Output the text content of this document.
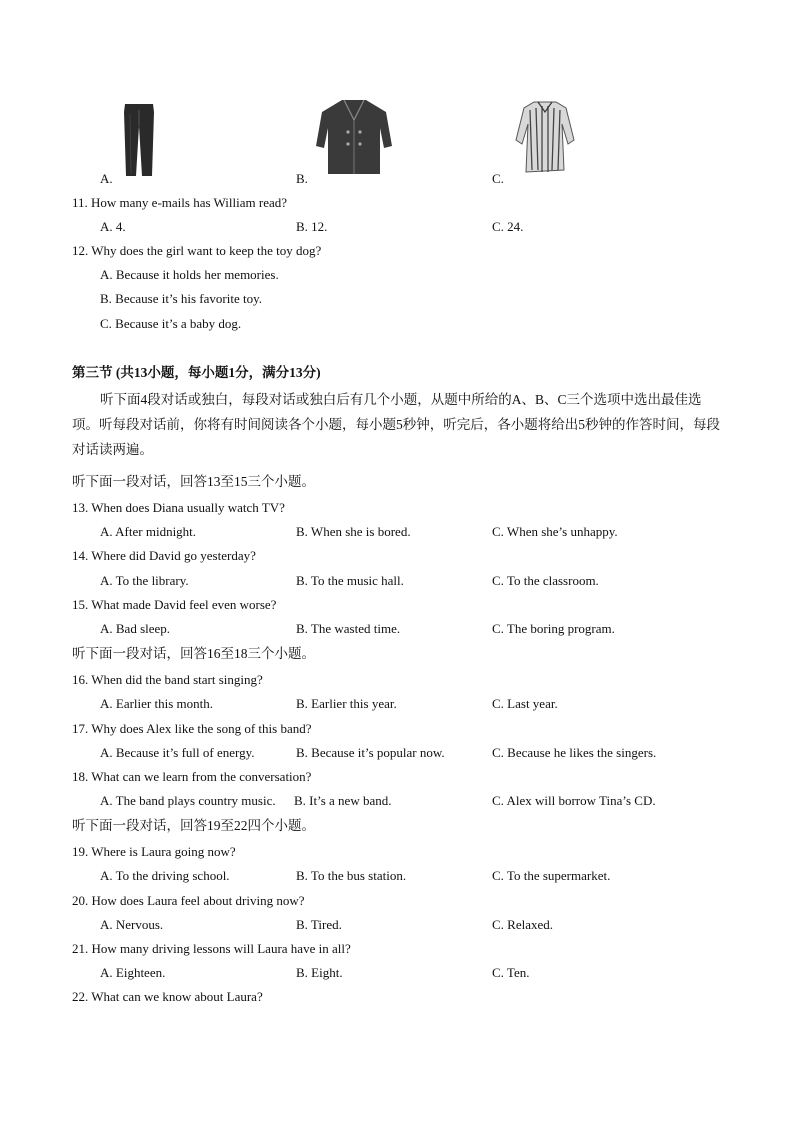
A.	B.	C.
11. How many e-mails has William read?
A. 4.	B. 12.	C. 24.
12. Why does the girl want to keep the toy dog?
A. Because it holds her memories.
B. Because it’s his favorite toy.
C. Because it’s a baby dog.
第三节 (共13小题，每小题1分，满分13分)
听下面4段对话或独白，每段对话或独白后有几个小题，从题中所给的A、B、C三个选项中选出最佳选项。听每段对话前，你将有时间阅读各个小题，每小题5秒钟，听完后，各小题将给出5秒钟的作答时间，每段对话读两遍。
听下面一段对话，回答13至15三个小题。
13. When does Diana usually watch TV?
A. After midnight.	B. When she is bored.	C. When she’s unhappy.
14. Where did David go yesterday?
A. To the library.	B. To the music hall.	C. To the classroom.
15. What made David feel even worse?
A. Bad sleep.	B. The wasted time.	C. The boring program.
听下面一段对话，回答16至18三个小题。
16. When did the band start singing?
A. Earlier this month.	B. Earlier this year.	C. Last year.
17. Why does Alex like the song of this band?
A. Because it’s full of energy.	B. Because it’s popular now.	C. Because he likes the singers.
18. What can we learn from the conversation?
A. The band plays country music. B. It’s a new band.	C. Alex will borrow Tina’s CD.
听下面一段对话，回答19至22四个小题。
19. Where is Laura going now?
A. To the driving school.	B. To the bus station.	C. To the supermarket.
20. How does Laura feel about driving now?
A. Nervous.	B. Tired.	C. Relaxed.
21. How many driving lessons will Laura have in all?
A. Eighteen.	B. Eight.	C. Ten.
22. What can we know about Laura?
